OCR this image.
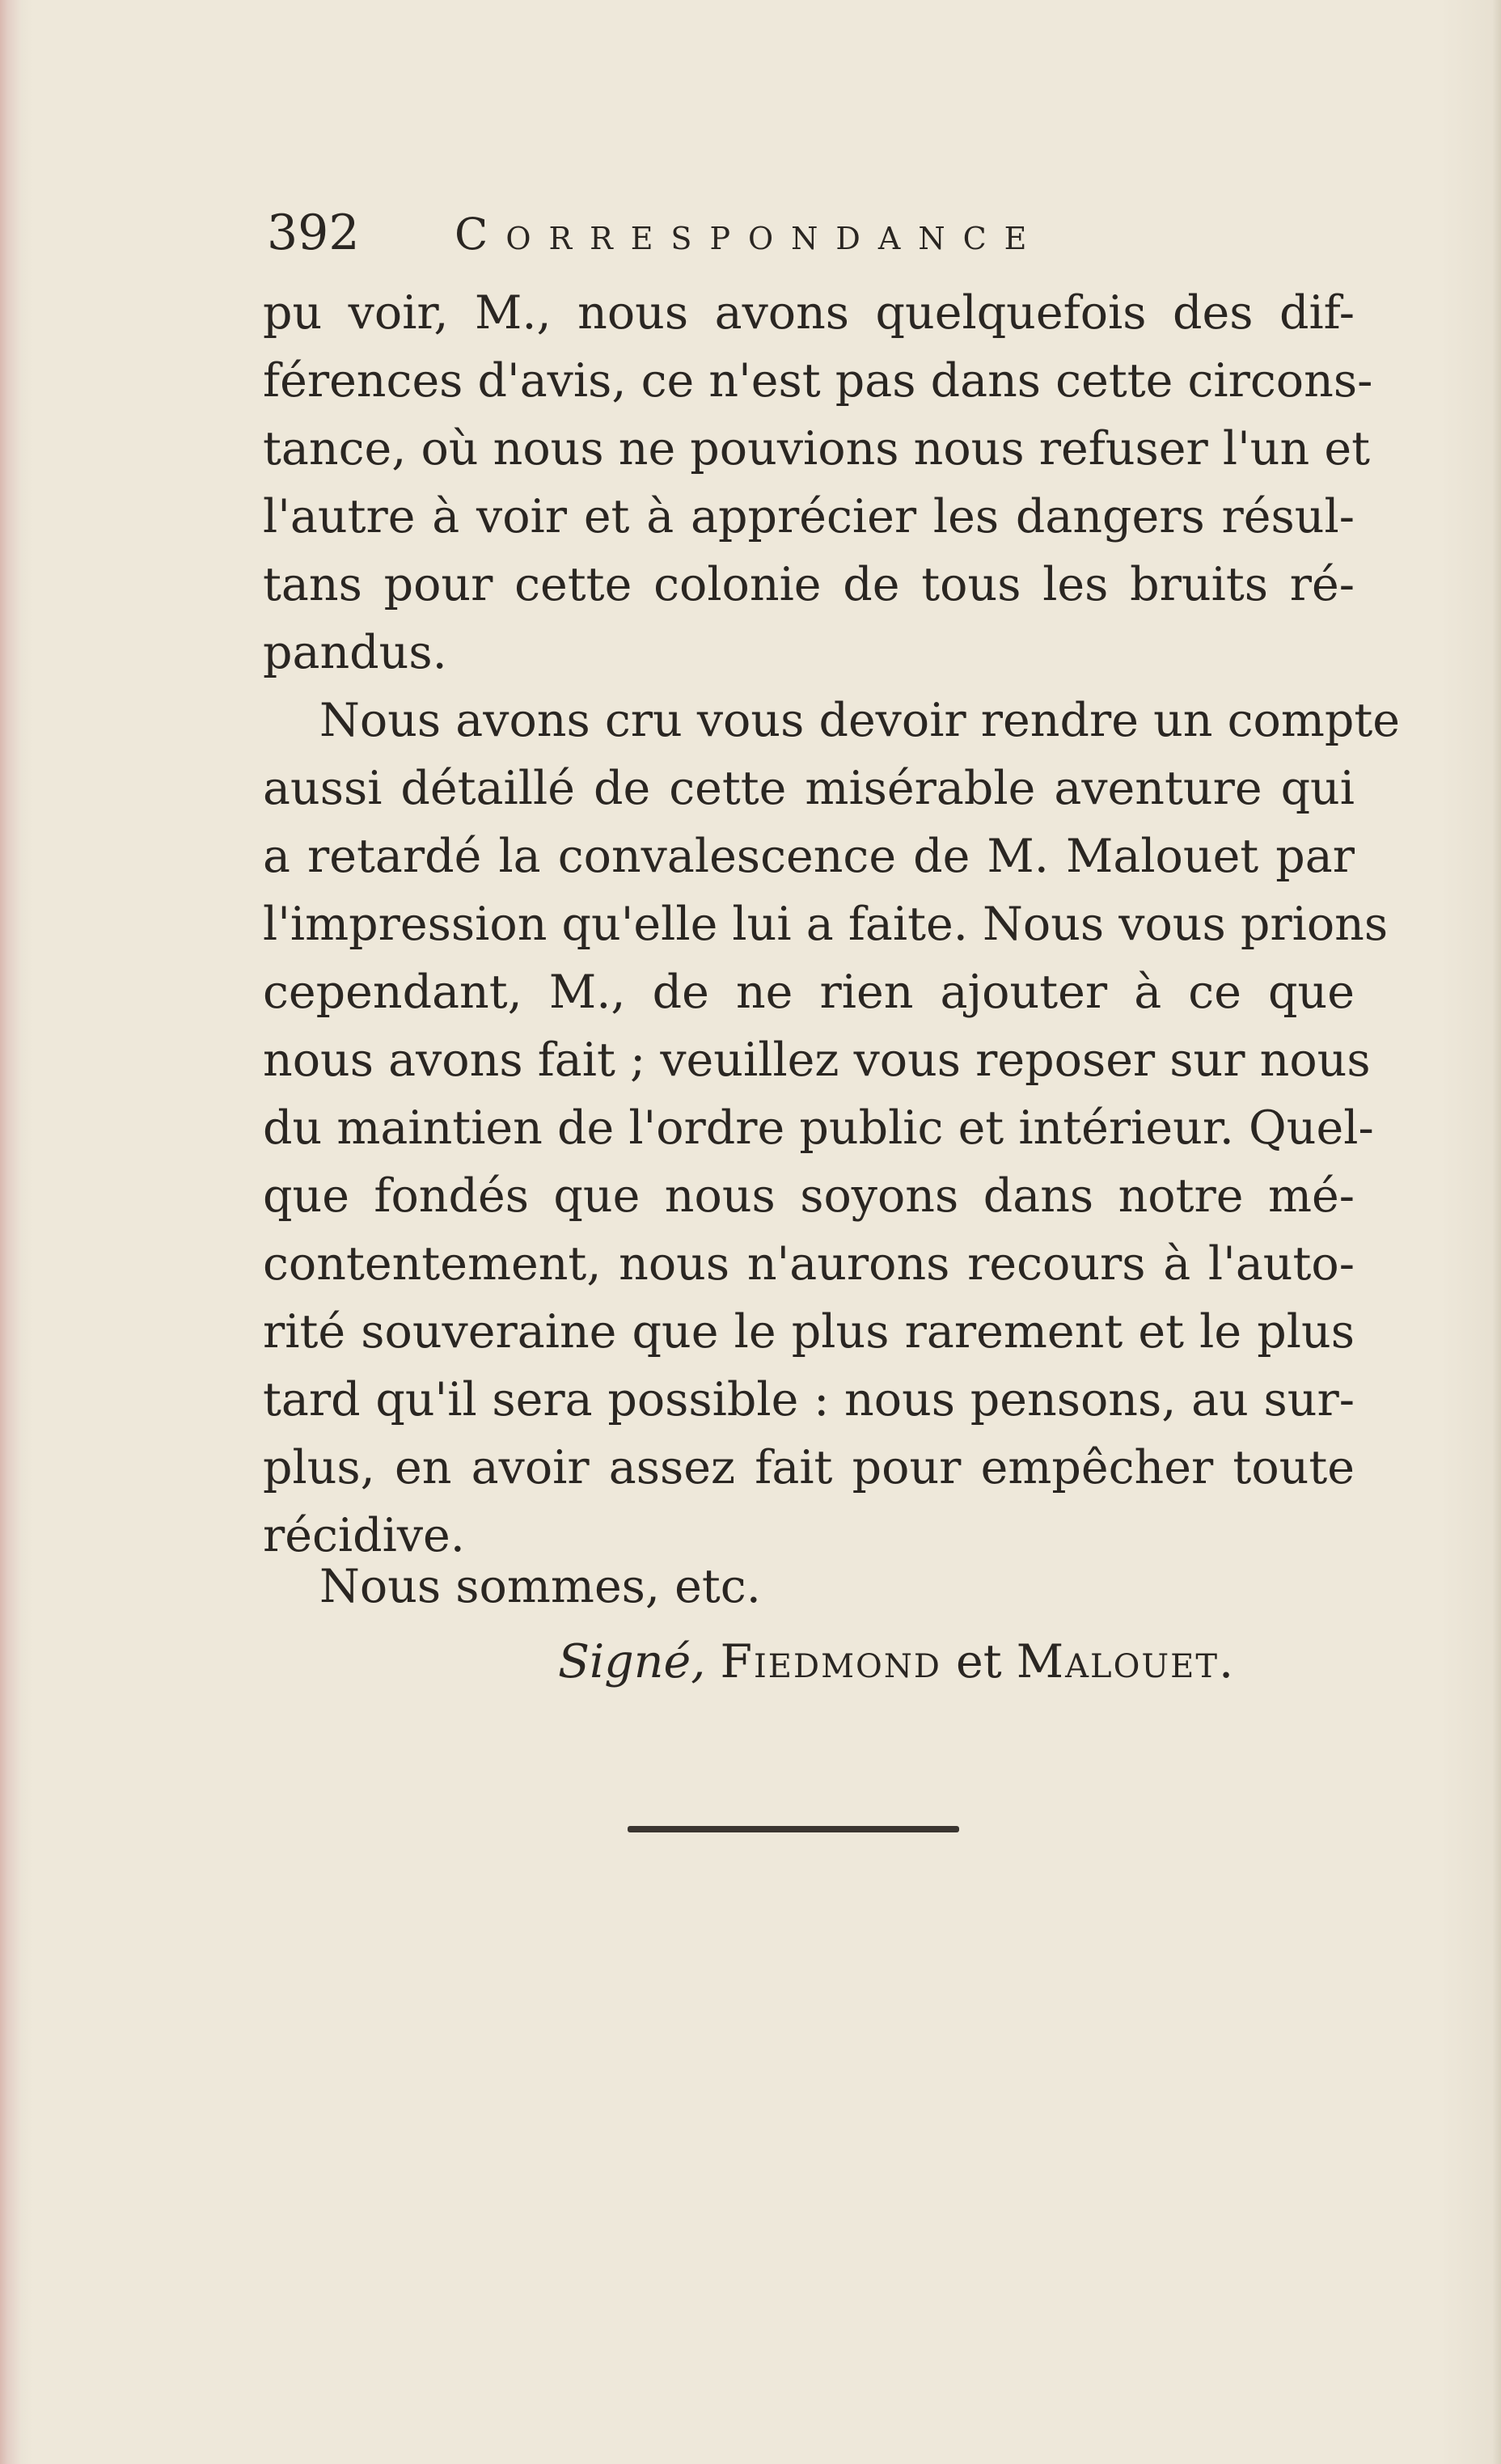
392 Correspondance
pu voir, M., nous avons quelquefois des dif-
férences d'avis, ce n'est pas dans cette circons-
tance, où nous ne pouvions nous refuser l'un et
l'autre à voir et à apprécier les dangers résul-
tans pour cette colonie de tous les bruits ré-
pandus.
Nous avons cru vous devoir rendre un compte
aussi détaillé de cette misérable aventure qui
a retardé la convalescence de M. Malouet par
l'impression qu'elle lui a faite. Nous vous prions
cependant, M., de ne rien ajouter à ce que
nous avons fait ; veuillez vous reposer sur nous
du maintien de l'ordre public et intérieur. Quel-
que fondés que nous soyons dans notre mé-
contentement, nous n'aurons recours à l'auto-
rité souveraine que le plus rarement et le plus
tard qu'il sera possible : nous pensons, au sur-
plus, en avoir assez fait pour empêcher toute
récidive.
Nous sommes, etc.
Signé, Fiedmond et Malouet.
